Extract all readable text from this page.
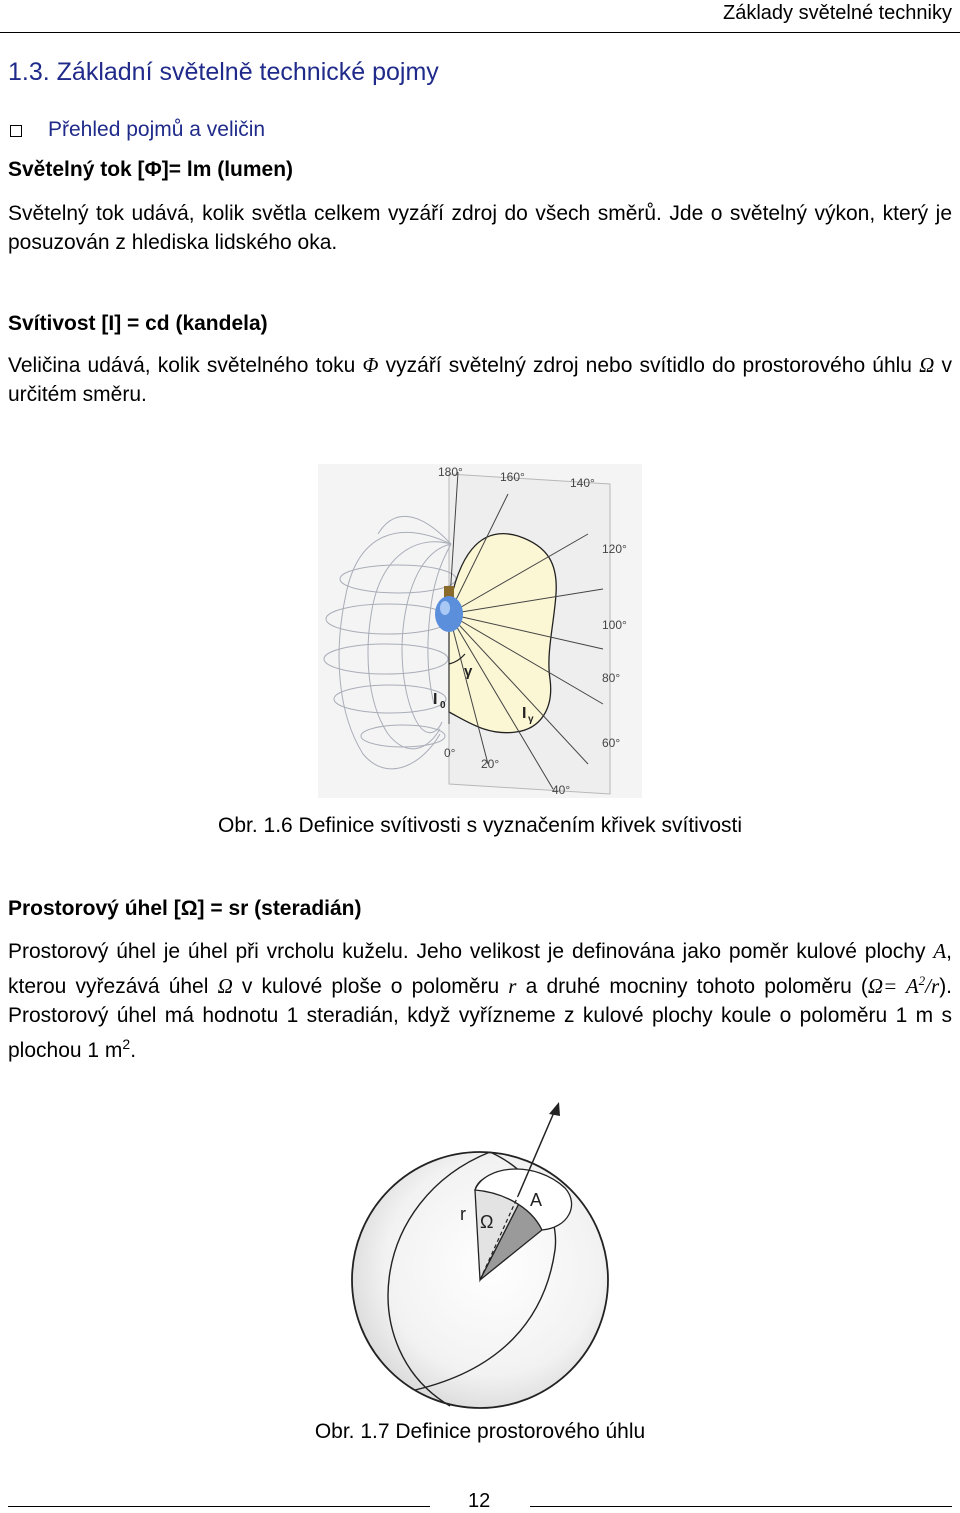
Základy světelné techniky
1.3. Základní světelně technické pojmy
Přehled pojmů a veličin
Světelný tok [Φ]= lm (lumen)
Světelný tok udává, kolik světla celkem vyzáří zdroj do všech směrů. Jde o světelný výkon, který je posuzován z hlediska lidského oka.
Svítivost [I] = cd (kandela)
Veličina udává, kolik světelného toku Φ vyzáří světelný zdroj nebo svítidlo do prostorového úhlu Ω v určitém směru.
180°	160°	140°
120°
100°
80°
60°
40°
20°
0°
γ
I 0	I γ
Obr. 1.6 Definice svítivosti s vyznačením křivek svítivosti
Prostorový úhel [Ω] = sr (steradián)
Prostorový úhel je úhel při vrcholu kuželu. Jeho velikost je definována jako poměr kulové plochy A, kterou vyřezává úhel Ω v kulové ploše o poloměru r a druhé mocniny tohoto poloměru $(\Omega= A^2/r)$. Prostorový úhel má hodnotu 1 steradián, když vyřízneme z kulové plochy koule o poloměru 1 m s plochou 1 $m^2$.
r
A
Ω
Obr. 1.7 Definice prostorového úhlu
12
